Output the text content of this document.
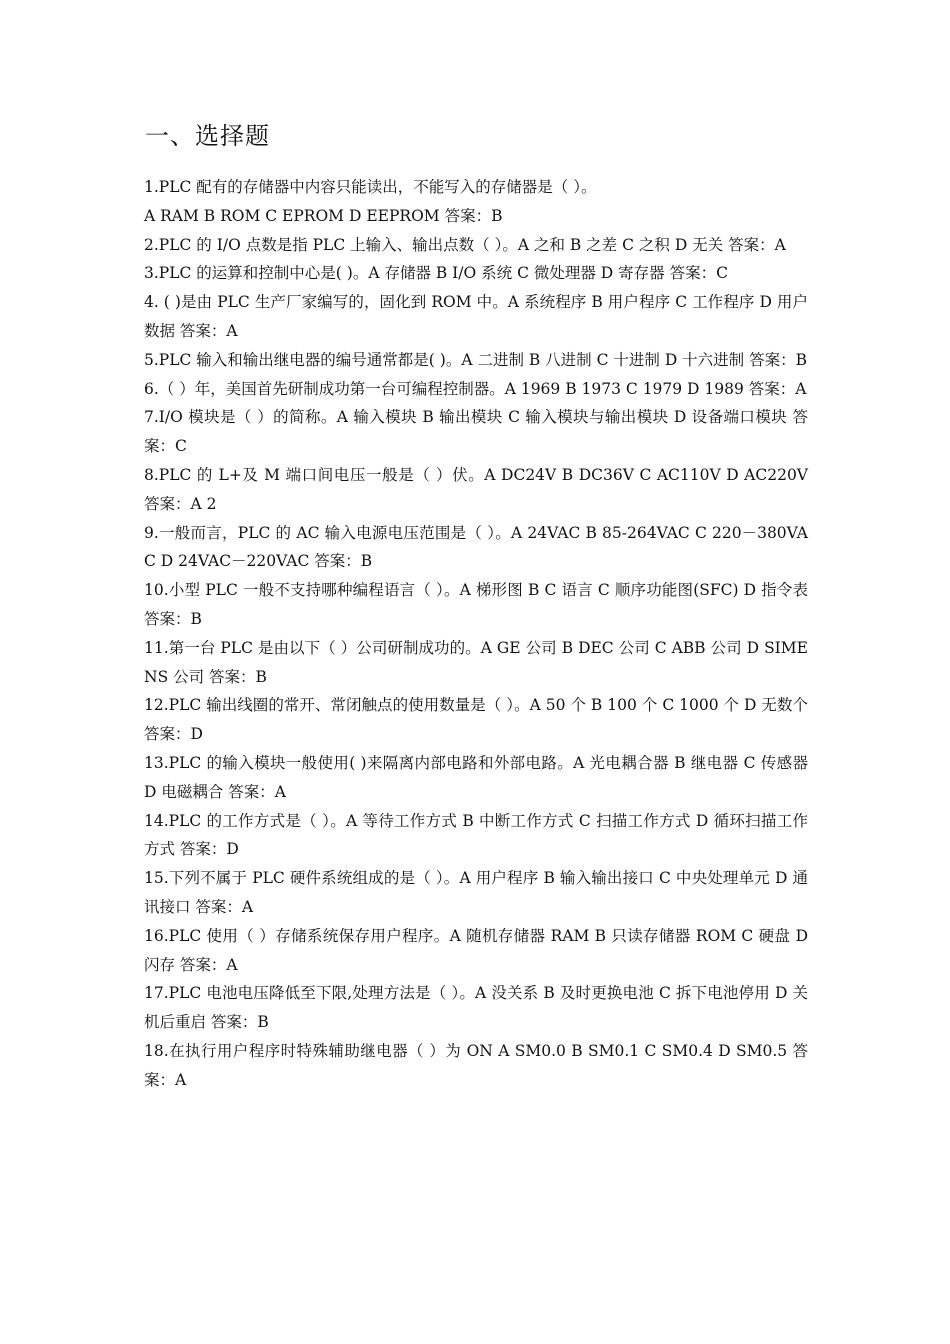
一、选择题

1.PLC 配有的存储器中内容只能读出，不能写入的存储器是（ ）。

A RAM B ROM C EPROM D EEPROM 答案：B

2.PLC 的 I/O 点数是指 PLC 上输入、输出点数（ ）。A 之和 B 之差 C 之积 D 无关 答案：A

3.PLC 的运算和控制中心是( )。A 存储器 B I/O 系统 C 微处理器 D 寄存器 答案：C

4. ( )是由 PLC 生产厂家编写的，固化到 ROM 中。A 系统程序 B 用户程序 C 工作程序 D 用户数据 答案：A

5.PLC 输入和输出继电器的编号通常都是( )。A 二进制 B 八进制 C 十进制 D 十六进制 答案：B

6.（ ）年，美国首先研制成功第一台可编程控制器。A 1969 B 1973 C 1979 D 1989 答案：A

7.I/O 模块是（ ）的简称。A 输入模块 B 输出模块 C 输入模块与输出模块 D 设备端口模块 答案：C

8.PLC 的 L+及 M 端口间电压一般是（ ）伏。A DC24V B DC36V C AC110V D AC220V 答案：A 2

9.一般而言，PLC 的 AC 输入电源电压范围是（ ）。A 24VAC B 85-264VAC C 220－380VAC D 24VAC－220VAC 答案：B

10.小型 PLC 一般不支持哪种编程语言（ ）。A 梯形图 B C 语言 C 顺序功能图(SFC) D 指令表 答案：B

11.第一台 PLC 是由以下（ ）公司研制成功的。A GE 公司 B DEC 公司 C ABB 公司 D SIMENS 公司 答案：B

12.PLC 输出线圈的常开、常闭触点的使用数量是（ ）。A 50 个 B 100 个 C 1000 个 D 无数个 答案：D

13.PLC 的输入模块一般使用( )来隔离内部电路和外部电路。A 光电耦合器 B 继电器 C 传感器 D 电磁耦合 答案：A

14.PLC 的工作方式是（ ）。A 等待工作方式 B 中断工作方式 C 扫描工作方式 D 循环扫描工作方式 答案：D

15.下列不属于 PLC 硬件系统组成的是（ ）。A 用户程序 B 输入输出接口 C 中央处理单元 D 通讯接口 答案：A

16.PLC 使用（ ）存储系统保存用户程序。A 随机存储器 RAM B 只读存储器 ROM C 硬盘 D 闪存 答案：A

17.PLC 电池电压降低至下限,处理方法是（ ）。A 没关系 B 及时更换电池 C 拆下电池停用 D 关机后重启 答案：B

18.在执行用户程序时特殊辅助继电器（ ）为 ON A SM0.0 B SM0.1 C SM0.4 D SM0.5 答案：A
